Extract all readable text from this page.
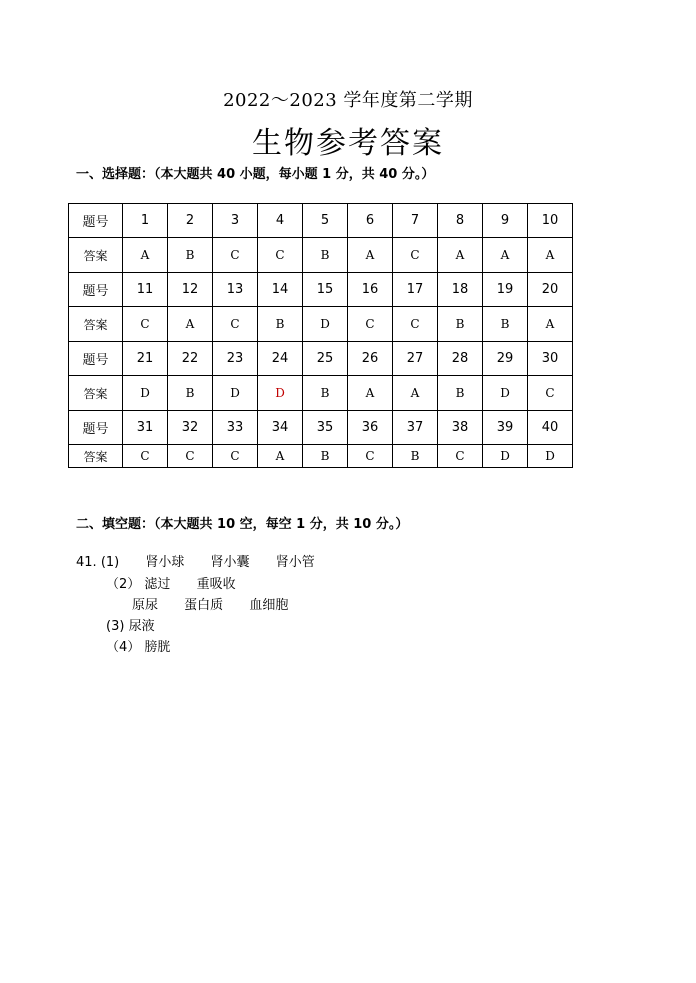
2022～2023 学年度第二学期
生物参考答案
一、选择题：（本大题共 40 小题，每小题 1 分，共 40 分。）
题号	1	2	3	4	5	6	7	8	9	10
答案	A	B	C	C	B	A	C	A	A	A
题号	11	12	13	14	15	16	17	18	19	20
答案	C	A	C	B	D	C	C	B	B	A
题号	21	22	23	24	25	26	27	28	29	30
答案	D	B	D	D	B	A	A	B	D	C
题号	31	32	33	34	35	36	37	38	39	40
答案	C	C	C	A	B	C	B	C	D	D
二、填空题：（本大题共 10 空，每空 1 分，共 10 分。）
41. (1) 肾小球 肾小囊 肾小管
（2） 滤过 重吸收
原尿 蛋白质 血细胞
(3) 尿液
（4） 膀胱
